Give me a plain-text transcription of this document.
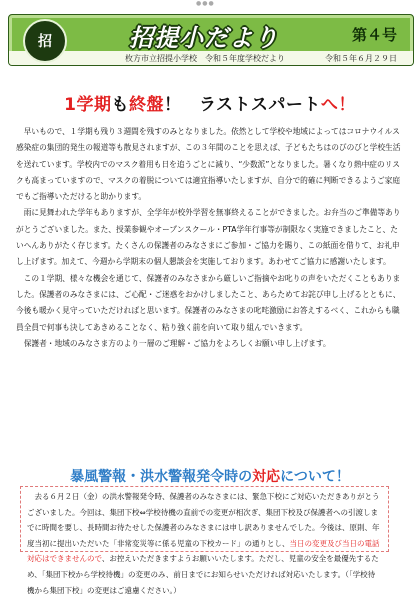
●●●
招	招提小だより	第４号
枚方市立招提小学校　令和５年度学校だより	令和５年６月２９日
1学期も終盤！　ラストスパートへ！

早いもので、１学期も残り３週間を残すのみとなりました。依然として学校や地域によってはコロナウイルス感染症の集団的発生の報道等も散見されますが、この３年間のことを思えば、子どもたちはのびのびと学校生活を送れています。学校内でのマスク着用も日を追うごとに減り、“少数派”となりました。暑くなり熱中症のリスクも高まっていますので、マスクの着脱については適宜指導いたしますが、自分で的確に判断できるようご家庭でもご指導いただけると助かります。

雨に見舞われた学年もありますが、全学年が校外学習を無事終えることができました。お弁当のご準備等ありがとうございました。また、授業参観やオープンスクール・PTA学年行事等が制限なく実施できましたこと、たいへんありがたく存じます。たくさんの保護者のみなさまにご参加・ご協力を賜り、この紙面を借りて、お礼申し上げます。加えて、今週から学期末の個人懇談会を実施しております。あわせてご協力に感謝いたします。

この１学期、様々な機会を通じて、保護者のみなさまから厳しいご指摘やお叱りの声をいただくこともありました。保護者のみなさまには、ご心配・ご迷惑をおかけしましたこと、あらためてお詫び申し上げるとともに、今後も暖かく見守っていただければと思います。保護者のみなさまの叱咤激励にお答えするべく、これからも職員全員で何事も決してあきめることなく、粘り強く前を向いて取り組んでいきます。

保護者・地域のみなさま方のより一層のご理解・ご協力をよろしくお願い申し上げます。

暴風警報・洪水警報発令時の対応について！

去る６月２日（金）の洪水警報発令時、保護者のみなさまには、緊急下校にご対応いただきありがとうございました。今回は、集団下校⇔学校待機の直前での変更が相次ぎ、集団下校及び保護者への引渡しまでに時間を要し、長時間お待たせした保護者のみなさまには申し訳ありませんでした。今後は、原則、年度当初に提出いただいた「非常変災等に係る児童の下校カード」の通りとし、当日の変更及び当日の電話対応はできませんので、お控えいただきますようお願いいたします。ただし、児童の安全を最優先するため、「集団下校から学校待機」の変更のみ、前日までにお知らせいただければ対応いたします。（「学校待機から集団下校」の変更はご遠慮ください。）
